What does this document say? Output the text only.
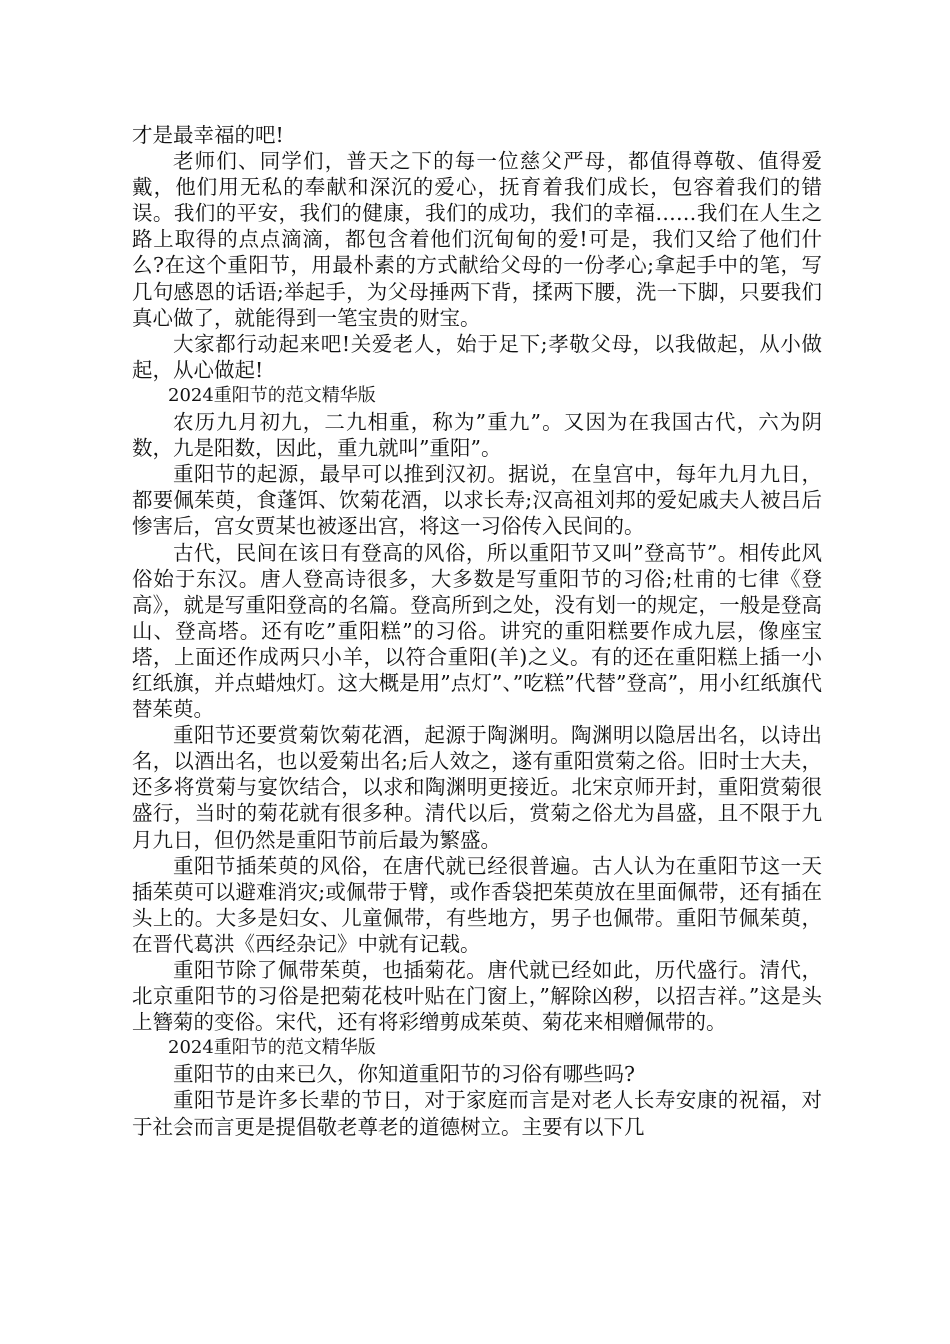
才是最幸福的吧!

老师们、同学们，普天之下的每一位慈父严母，都值得尊敬、值得爱戴，他们用无私的奉献和深沉的爱心，抚育着我们成长，包容着我们的错误。我们的平安，我们的健康，我们的成功，我们的幸福……我们在人生之路上取得的点点滴滴，都包含着他们沉甸甸的爱!可是，我们又给了他们什么?在这个重阳节，用最朴素的方式献给父母的一份孝心;拿起手中的笔，写几句感恩的话语;举起手，为父母捶两下背，揉两下腰，洗一下脚，只要我们真心做了，就能得到一笔宝贵的财宝。

大家都行动起来吧!关爱老人，始于足下;孝敬父母，以我做起，从小做起，从心做起!

2024重阳节的范文精华版

农历九月初九，二九相重，称为”重九”。又因为在我国古代，六为阴数，九是阳数，因此，重九就叫”重阳”。

重阳节的起源，最早可以推到汉初。据说，在皇宫中，每年九月九日，都要佩茱萸，食蓬饵、饮菊花酒，以求长寿;汉高祖刘邦的爱妃戚夫人被吕后惨害后，宫女贾某也被逐出宫，将这一习俗传入民间的。

古代，民间在该日有登高的风俗，所以重阳节又叫”登高节”。相传此风俗始于东汉。唐人登高诗很多，大多数是写重阳节的习俗;杜甫的七律《登高》，就是写重阳登高的名篇。登高所到之处，没有划一的规定，一般是登高山、登高塔。还有吃”重阳糕”的习俗。讲究的重阳糕要作成九层，像座宝塔，上面还作成两只小羊，以符合重阳(羊)之义。有的还在重阳糕上插一小红纸旗，并点蜡烛灯。这大概是用”点灯”、”吃糕”代替”登高”，用小红纸旗代替茱萸。

重阳节还要赏菊饮菊花酒，起源于陶渊明。陶渊明以隐居出名，以诗出名，以酒出名，也以爱菊出名;后人效之，遂有重阳赏菊之俗。旧时士大夫，还多将赏菊与宴饮结合，以求和陶渊明更接近。北宋京师开封，重阳赏菊很盛行，当时的菊花就有很多种。清代以后，赏菊之俗尤为昌盛，且不限于九月九日，但仍然是重阳节前后最为繁盛。

重阳节插茱萸的风俗，在唐代就已经很普遍。古人认为在重阳节这一天插茱萸可以避难消灾;或佩带于臂，或作香袋把茱萸放在里面佩带，还有插在头上的。大多是妇女、儿童佩带，有些地方，男子也佩带。重阳节佩茱萸，在晋代葛洪《西经杂记》中就有记载。

重阳节除了佩带茱萸，也插菊花。唐代就已经如此，历代盛行。清代，北京重阳节的习俗是把菊花枝叶贴在门窗上，”解除凶秽，以招吉祥。”这是头上簪菊的变俗。宋代，还有将彩缯剪成茱萸、菊花来相赠佩带的。

2024重阳节的范文精华版

重阳节的由来已久，你知道重阳节的习俗有哪些吗?

重阳节是许多长辈的节日，对于家庭而言是对老人长寿安康的祝福，对于社会而言更是提倡敬老尊老的道德树立。主要有以下几
